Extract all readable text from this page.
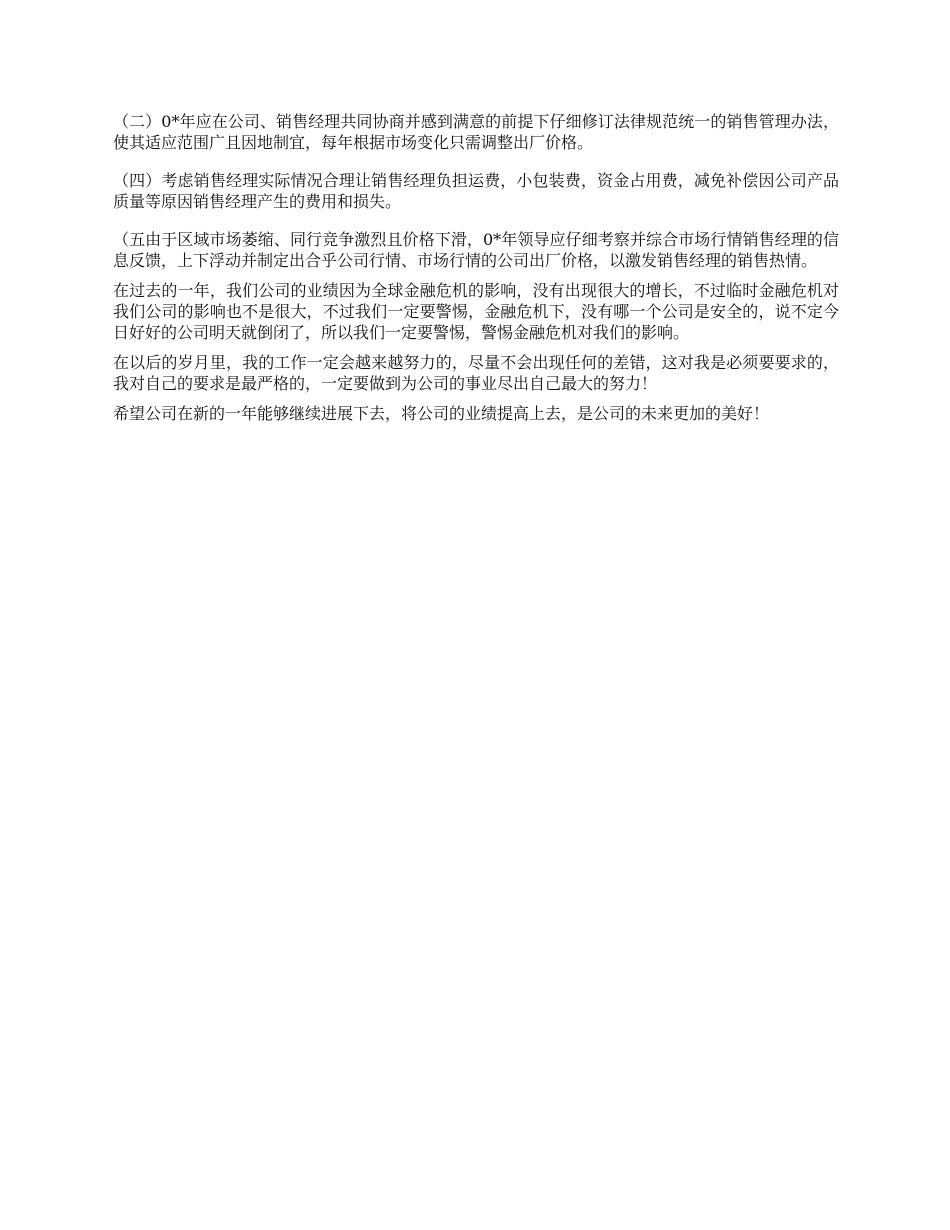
（二）0*年应在公司、销售经理共同协商并感到满意的前提下仔细修订法律规范统一的销售管理办法，使其适应范围广且因地制宜，每年根据市场变化只需调整出厂价格。

（四）考虑销售经理实际情况合理让销售经理负担运费，小包装费，资金占用费，减免补偿因公司产品质量等原因销售经理产生的费用和损失。

（五由于区域市场萎缩、同行竞争激烈且价格下滑，0*年领导应仔细考察并综合市场行情销售经理的信息反馈，上下浮动并制定出合乎公司行情、市场行情的公司出厂价格，以激发销售经理的销售热情。

在过去的一年，我们公司的业绩因为全球金融危机的影响，没有出现很大的增长，不过临时金融危机对我们公司的影响也不是很大，不过我们一定要警惕，金融危机下，没有哪一个公司是安全的，说不定今日好好的公司明天就倒闭了，所以我们一定要警惕，警惕金融危机对我们的影响。

在以后的岁月里，我的工作一定会越来越努力的，尽量不会出现任何的差错，这对我是必须要要求的，我对自己的要求是最严格的，一定要做到为公司的事业尽出自己最大的努力！

希望公司在新的一年能够继续进展下去，将公司的业绩提高上去，是公司的未来更加的美好！
